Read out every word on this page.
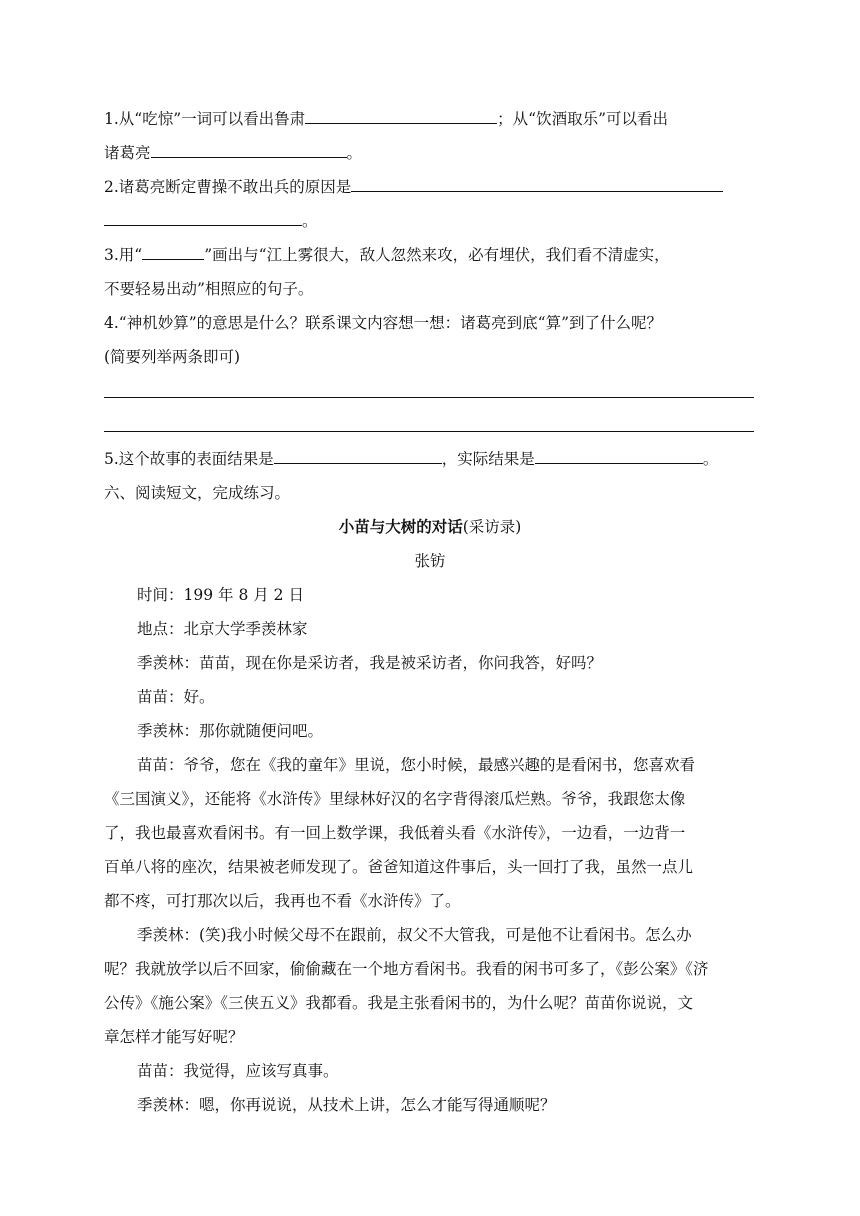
1.从“吃惊”一词可以看出鲁肃	；从“饮酒取乐”可以看出
诸葛亮	。
2.诸葛亮断定曹操不敢出兵的原因是
。
3.用“	”画出与“江上雾很大，敌人忽然来攻，必有埋伏，我们看不清虚实，
不要轻易出动”相照应的句子。
4.“神机妙算”的意思是什么？联系课文内容想一想：诸葛亮到底“算”到了什么呢？
(简要列举两条即可)
5.这个故事的表面结果是	，实际结果是	。
六、阅读短文，完成练习。
小苗与大树的对话(采访录)
张钫
时间：199 年 8 月 2 日
地点：北京大学季羡林家
季羡林：苗苗，现在你是采访者，我是被采访者，你问我答，好吗？
苗苗：好。
季羡林：那你就随便问吧。
苗苗：爷爷，您在《我的童年》里说，您小时候，最感兴趣的是看闲书，您喜欢看
《三国演义》，还能将《水浒传》里绿林好汉的名字背得滚瓜烂熟。爷爷，我跟您太像
了，我也最喜欢看闲书。有一回上数学课，我低着头看《水浒传》，一边看，一边背一
百单八将的座次，结果被老师发现了。爸爸知道这件事后，头一回打了我，虽然一点儿
都不疼，可打那次以后，我再也不看《水浒传》了。
季羡林：(笑)我小时候父母不在跟前，叔父不大管我，可是他不让看闲书。怎么办
呢？我就放学以后不回家，偷偷藏在一个地方看闲书。我看的闲书可多了，《彭公案》《济
公传》《施公案》《三侠五义》我都看。我是主张看闲书的，为什么呢？苗苗你说说，文
章怎样才能写好呢？
苗苗：我觉得，应该写真事。
季羡林：嗯，你再说说，从技术上讲，怎么才能写得通顺呢？
